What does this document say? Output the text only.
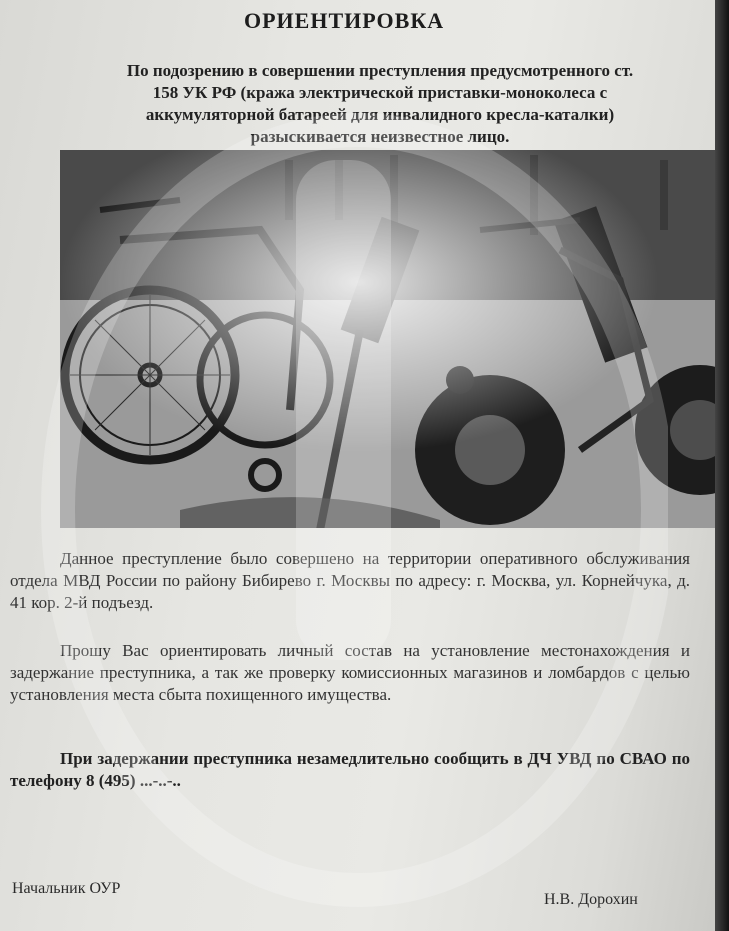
ОРИЕНТИРОВКА
По подозрению в совершении преступления предусмотренного ст.
158 УК РФ (кража электрической приставки-моноколеса с
аккумуляторной батареей для инвалидного кресла-каталки)
разыскивается неизвестное лицо.
Данное преступление было совершено на территории оперативного обслуживания отдела МВД России по району Бибирево г. Москвы по адресу: г. Москва, ул. Корнейчука, д. 41 кор. 2-й подъезд.
Прошу Вас ориентировать личный состав на установление местонахождения и задержание преступника, а так же проверку комиссионных магазинов и ломбардов с целью установления места сбыта похищенного имущества.
При задержании преступника незамедлительно сообщить в ДЧ УВД по СВАО по телефону 8 (495) ...-..-..
Начальник ОУР
Н.В. Дорохин
